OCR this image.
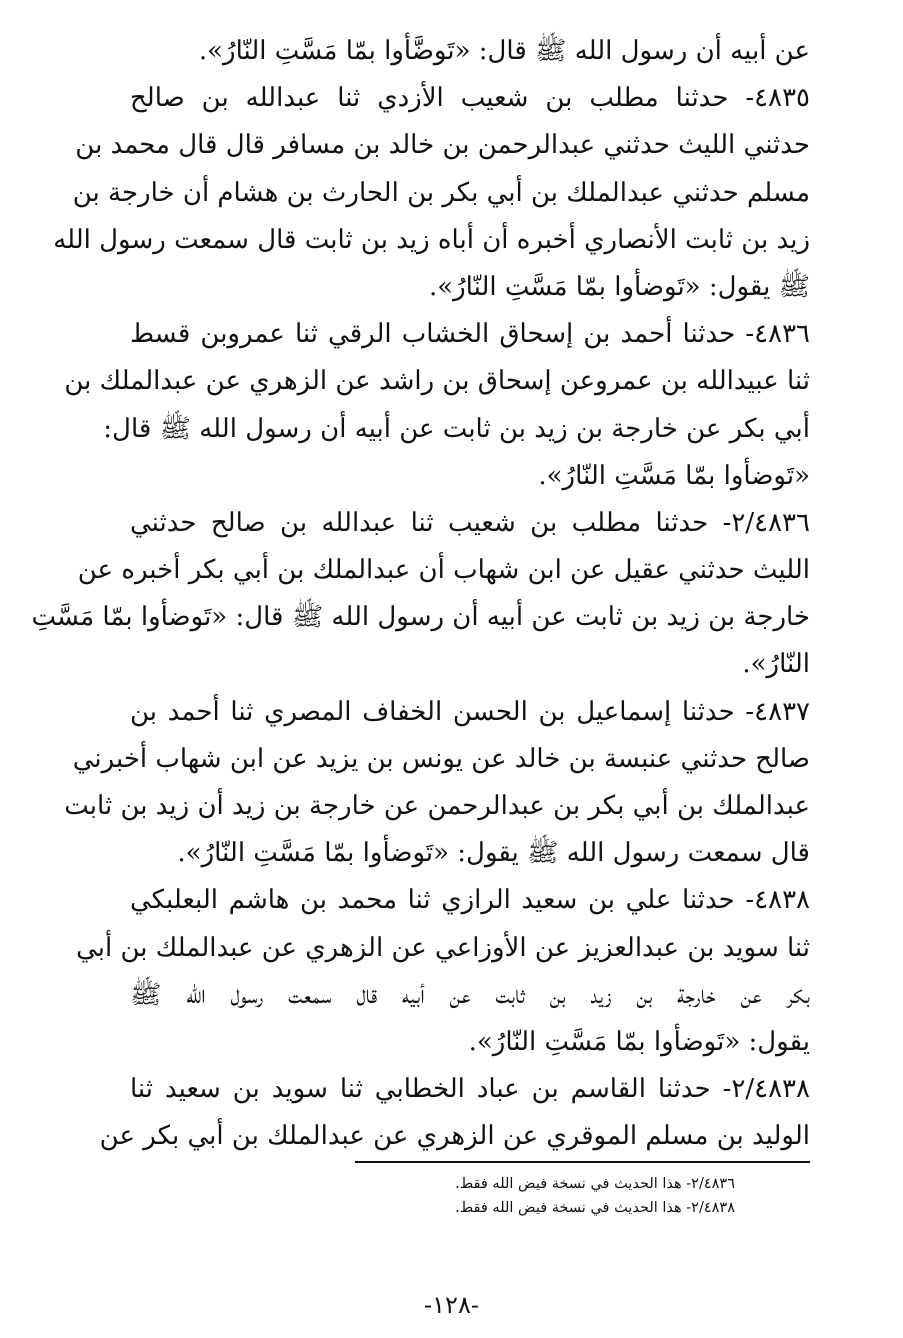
عن أبيه أن رسول الله ﷺ قال: «تَوضَّأوا بمّا مَسَّتِ النّارُ».
٤٨٣٥- حدثنا مطلب بن شعيب الأزدي ثنا عبدالله بن صالح
حدثني الليث حدثني عبدالرحمن بن خالد بن مسافر قال قال محمد بن
مسلم حدثني عبدالملك بن أبي بكر بن الحارث بن هشام أن خارجة بن
زيد بن ثابت الأنصاري أخبره أن أباه زيد بن ثابت قال سمعت رسول الله
ﷺ يقول: «تَوضأوا بمّا مَسَّتِ النّارُ».
٤٨٣٦- حدثنا أحمد بن إسحاق الخشاب الرقي ثنا عمروبن قسط
ثنا عبيدالله بن عمروعن إسحاق بن راشد عن الزهري عن عبدالملك بن
أبي بكر عن خارجة بن زيد بن ثابت عن أبيه أن رسول الله ﷺ قال:
«تَوضأوا بمّا مَسَّتِ النّارُ».
٢/٤٨٣٦- حدثنا مطلب بن شعيب ثنا عبدالله بن صالح حدثني
الليث حدثني عقيل عن ابن شهاب أن عبدالملك بن أبي بكر أخبره عن
خارجة بن زيد بن ثابت عن أبيه أن رسول الله ﷺ قال: «تَوضأوا بمّا مَسَّتِ
النّارُ».
٤٨٣٧- حدثنا إسماعيل بن الحسن الخفاف المصري ثنا أحمد بن
صالح حدثني عنبسة بن خالد عن يونس بن يزيد عن ابن شهاب أخبرني
عبدالملك بن أبي بكر بن عبدالرحمن عن خارجة بن زيد أن زيد بن ثابت
قال سمعت رسول الله ﷺ يقول: «تَوضأوا بمّا مَسَّتِ النّارُ».
٤٨٣٨- حدثنا علي بن سعيد الرازي ثنا محمد بن هاشم البعلبكي
ثنا سويد بن عبدالعزيز عن الأوزاعي عن الزهري عن عبدالملك بن أبي
بكر عن خارجة بن زيد بن ثابت عن أبيه قال سمعت رسول الله ﷺ
يقول: «تَوضأوا بمّا مَسَّتِ النّارُ».
٢/٤٨٣٨- حدثنا القاسم بن عباد الخطابي ثنا سويد بن سعيد ثنا
الوليد بن مسلم الموقري عن الزهري عن عبدالملك بن أبي بكر عن
٢/٤٨٣٦- هذا الحديث في نسخة فيض الله فقط.
٢/٤٨٣٨- هذا الحديث في نسخة فيض الله فقط.
-١٢٨-
